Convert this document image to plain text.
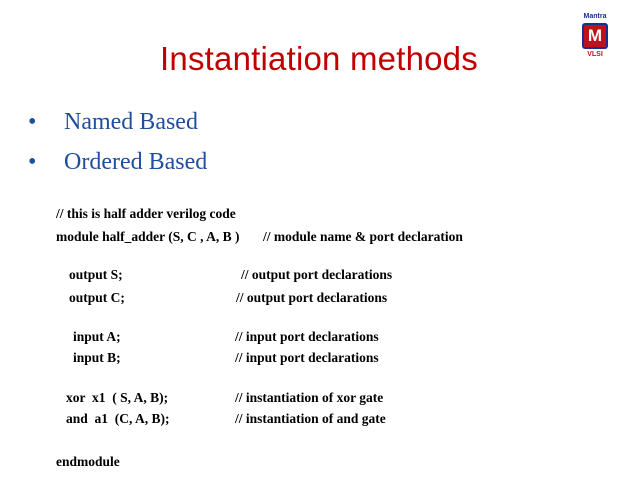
Instantiation methods
Mantra
M
VLSI
• Named Based
• Ordered Based
// this is half adder verilog code
module half_adder (S, C , A, B ) // module name & port declaration
output S;	// output port declarations
output C;	// output port declarations
input A;	// input port declarations
input B;	// input port declarations
xor  x1  ( S, A, B);	// instantiation of xor gate
and  a1  (C, A, B);	// instantiation of and gate
endmodule
